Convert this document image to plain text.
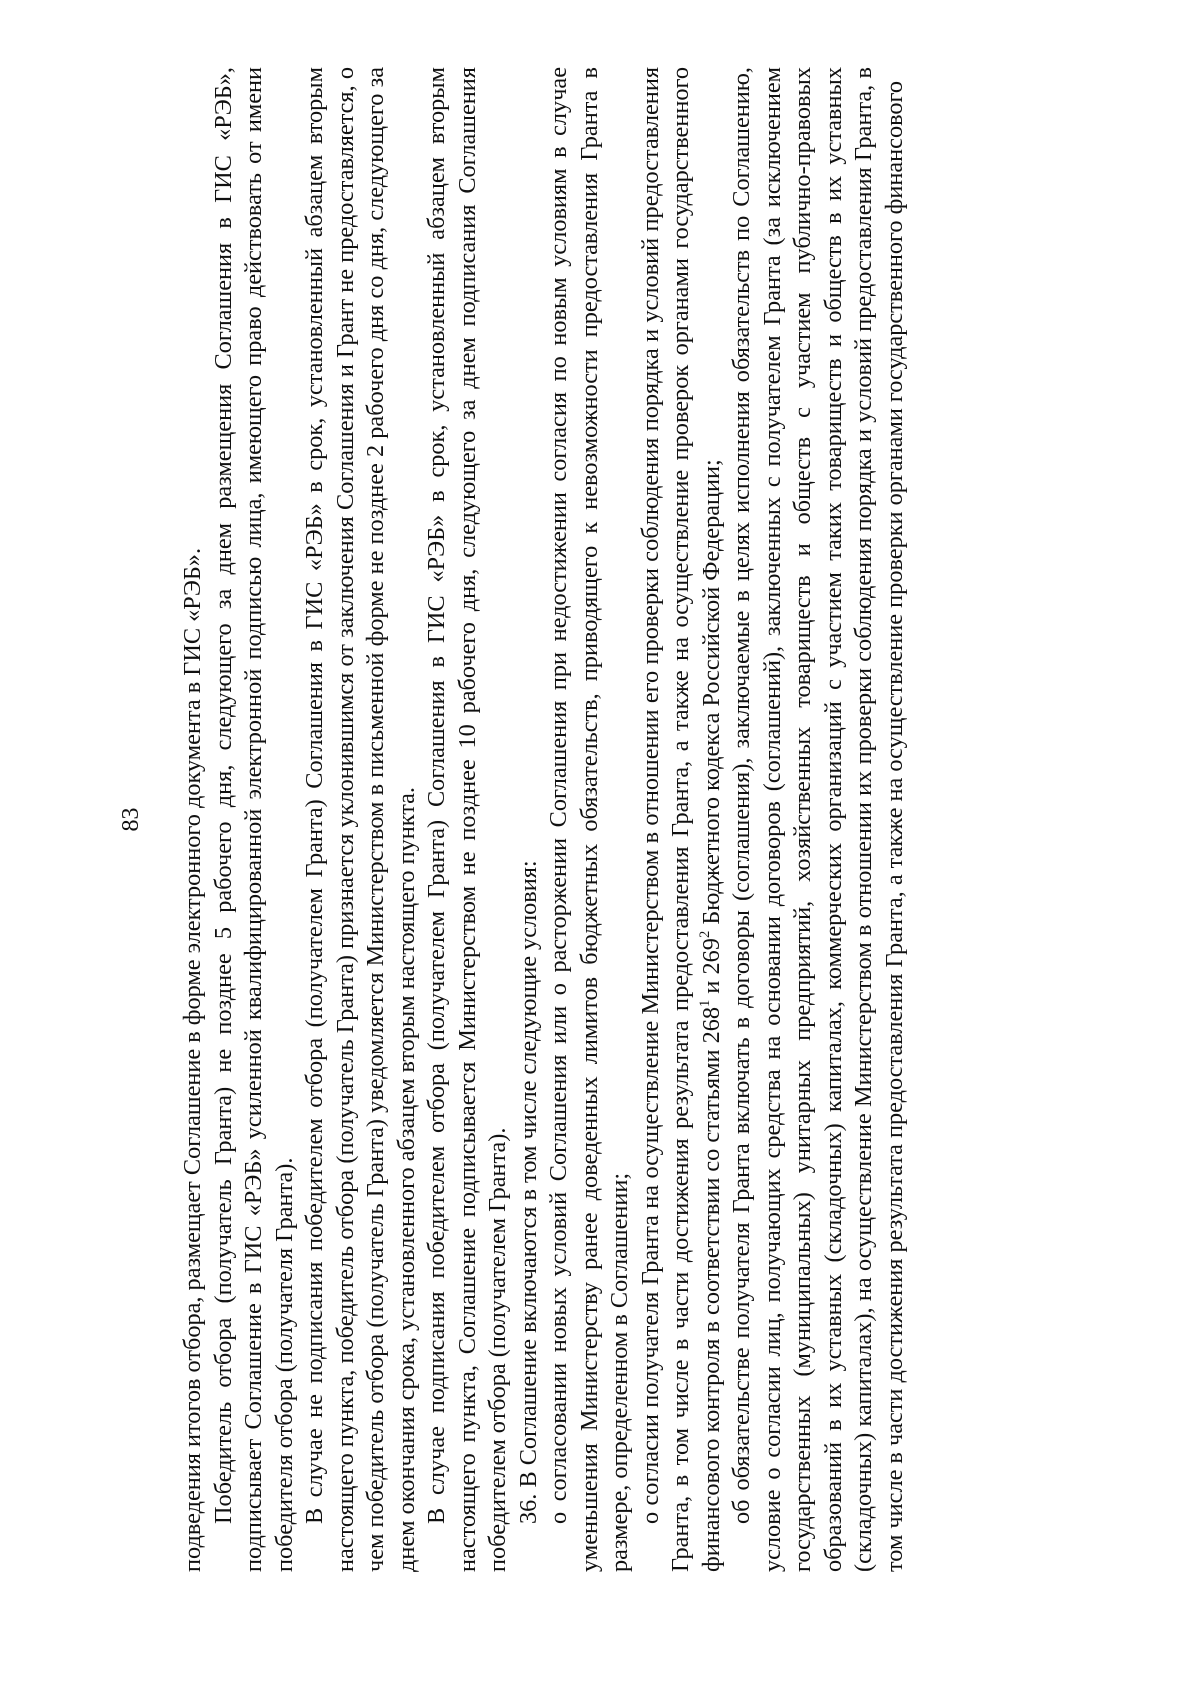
83 подведения итогов отбора, размещает Соглашение в форме электронного документа в ГИС «РЭБ». Победитель отбора (получатель Гранта) не позднее 5 рабочего дня, следующего за днем размещения Соглашения в ГИС «РЭБ», подписывает Соглашение в ГИС «РЭБ» усиленной квалифицированной электронной подписью лица, имеющего право действовать от имени победителя отбора (получателя Гранта). В случае не подписания победителем отбора (получателем Гранта) Соглашения в ГИС «РЭБ» в срок, установленный абзацем вторым настоящего пункта, победитель отбора (получатель Гранта) признается уклонившимся от заключения Соглашения и Грант не предоставляется, о чем победитель отбора (получатель Гранта) уведомляется Министерством в письменной форме не позднее 2 рабочего дня со дня, следующего за днем окончания срока, установленного абзацем вторым настоящего пункта. В случае подписания победителем отбора (получателем Гранта) Соглашения в ГИС «РЭБ» в срок, установленный абзацем вторым настоящего пункта, Соглашение подписывается Министерством не позднее 10 рабочего дня, следующего за днем подписания Соглашения победителем отбора (получателем Гранта). 36. В Соглашение включаются в том числе следующие условия: о согласовании новых условий Соглашения или о расторжении Соглашения при недостижении согласия по новым условиям в случае уменьшения Министерству ранее доведенных лимитов бюджетных обязательств, приводящего к невозможности предоставления Гранта в размере, определенном в Соглашении; о согласии получателя Гранта на осуществление Министерством в отношении его проверки соблюдения порядка и условий предоставления Гранта, в том числе в части достижения результата предоставления Гранта, а также на осуществление проверок органами государственного финансового контроля в соответствии со статьями $268^1$ и $269^2$ Бюджетного кодекса Российской Федерации; об обязательстве получателя Гранта включать в договоры (соглашения), заключаемые в целях исполнения обязательств по Соглашению, условие о согласии лиц, получающих средства на основании договоров (соглашений), заключенных с получателем Гранта (за исключением государственных (муниципальных) унитарных предприятий, хозяйственных товариществ и обществ с участием публично-правовых образований в их уставных (складочных) капиталах, коммерческих организаций с участием таких товариществ и обществ в их уставных (складочных) капиталах), на осуществление Министерством в отношении их проверки соблюдения порядка и условий предоставления Гранта, в том числе в части достижения результата предоставления Гранта, а также на осуществление проверки органами государственного финансового
